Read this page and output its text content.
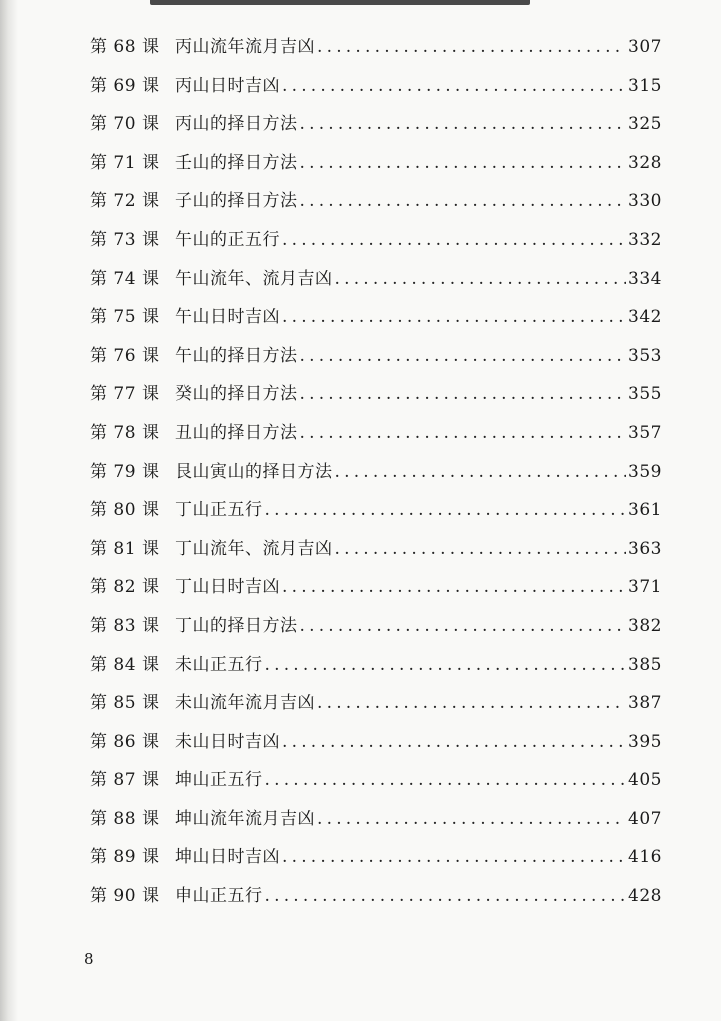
第 68 课 丙山流年流月吉凶 .....	307
第 69 课 丙山日时吉凶 .....	315
第 70 课 丙山的择日方法 .....	325
第 71 课 壬山的择日方法 .....	328
第 72 课 子山的择日方法 .....	330
第 73 课 午山的正五行 .....	332
第 74 课 午山流年、流月吉凶 .....	334
第 75 课 午山日时吉凶 .....	342
第 76 课 午山的择日方法 .....	353
第 77 课 癸山的择日方法 .....	355
第 78 课 丑山的择日方法 .....	357
第 79 课 艮山寅山的择日方法 .....	359
第 80 课 丁山正五行 .....	361
第 81 课 丁山流年、流月吉凶 .....	363
第 82 课 丁山日时吉凶 .....	371
第 83 课 丁山的择日方法 .....	382
第 84 课 未山正五行 .....	385
第 85 课 未山流年流月吉凶 .....	387
第 86 课 未山日时吉凶 .....	395
第 87 课 坤山正五行 .....	405
第 88 课 坤山流年流月吉凶 .....	407
第 89 课 坤山日时吉凶 .....	416
第 90 课 申山正五行 .....	428
8
